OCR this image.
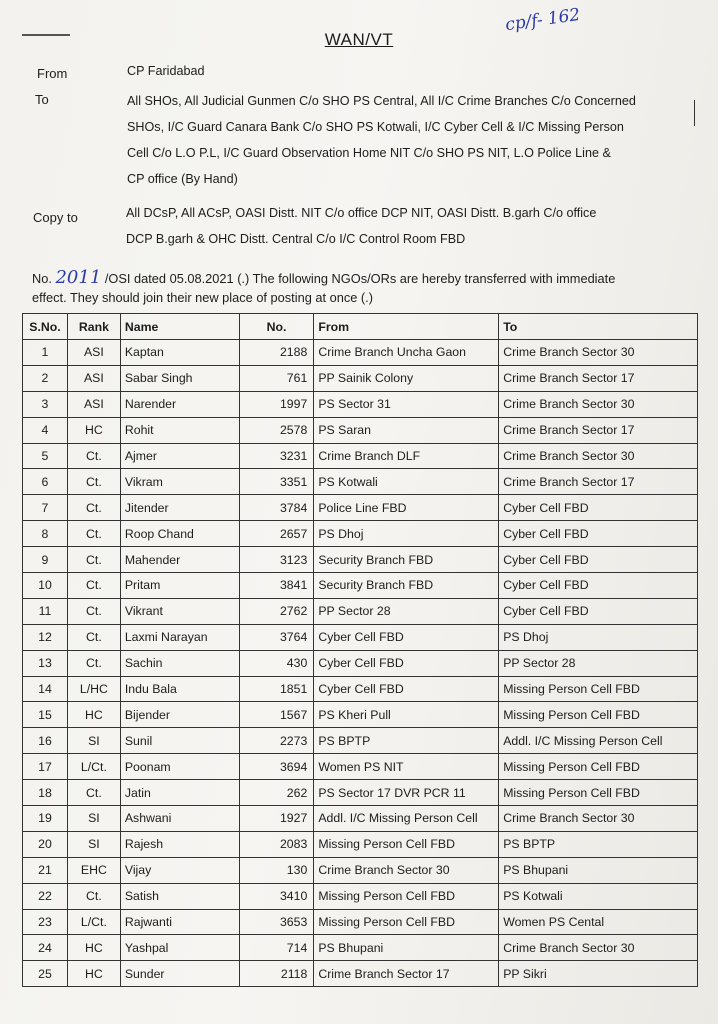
WAN/VT
cp/f- 162
From	CP Faridabad
To	All SHOs, All Judicial Gunmen C/o SHO PS Central, All I/C Crime Branches C/o Concerned
SHOs, I/C Guard Canara Bank C/o SHO PS Kotwali, I/C Cyber Cell & I/C Missing Person
Cell C/o L.O P.L, I/C Guard Observation Home NIT C/o SHO PS NIT, L.O Police Line &
CP office (By Hand)
Copy to	All DCsP, All ACsP, OASI Distt. NIT C/o office DCP NIT, OASI Distt. B.garh C/o office
DCP B.garh & OHC Distt. Central C/o I/C Control Room FBD
No. 2011 /OSI dated 05.08.2021 (.) The following NGOs/ORs are hereby transferred with immediate
effect. They should join their new place of posting at once (.)
S.No.	Rank	Name	No.	From	To
1	ASI	Kaptan	2188	Crime Branch Uncha Gaon	Crime Branch Sector 30
2	ASI	Sabar Singh	761	PP Sainik Colony	Crime Branch Sector 17
3	ASI	Narender	1997	PS Sector 31	Crime Branch Sector 30
4	HC	Rohit	2578	PS Saran	Crime Branch Sector 17
5	Ct.	Ajmer	3231	Crime Branch DLF	Crime Branch Sector 30
6	Ct.	Vikram	3351	PS Kotwali	Crime Branch Sector 17
7	Ct.	Jitender	3784	Police Line FBD	Cyber Cell FBD
8	Ct.	Roop Chand	2657	PS Dhoj	Cyber Cell FBD
9	Ct.	Mahender	3123	Security Branch FBD	Cyber Cell FBD
10	Ct.	Pritam	3841	Security Branch FBD	Cyber Cell FBD
11	Ct.	Vikrant	2762	PP Sector 28	Cyber Cell FBD
12	Ct.	Laxmi Narayan	3764	Cyber Cell FBD	PS Dhoj
13	Ct.	Sachin	430	Cyber Cell FBD	PP Sector 28
14	L/HC	Indu Bala	1851	Cyber Cell FBD	Missing Person Cell FBD
15	HC	Bijender	1567	PS Kheri Pull	Missing Person Cell FBD
16	SI	Sunil	2273	PS BPTP	Addl. I/C Missing Person Cell
17	L/Ct.	Poonam	3694	Women PS NIT	Missing Person Cell FBD
18	Ct.	Jatin	262	PS Sector 17 DVR PCR 11	Missing Person Cell FBD
19	SI	Ashwani	1927	Addl. I/C Missing Person Cell	Crime Branch Sector 30
20	SI	Rajesh	2083	Missing Person Cell FBD	PS BPTP
21	EHC	Vijay	130	Crime Branch Sector 30	PS Bhupani
22	Ct.	Satish	3410	Missing Person Cell FBD	PS Kotwali
23	L/Ct.	Rajwanti	3653	Missing Person Cell FBD	Women PS Cental
24	HC	Yashpal	714	PS Bhupani	Crime Branch Sector 30
25	HC	Sunder	2118	Crime Branch Sector 17	PP Sikri
